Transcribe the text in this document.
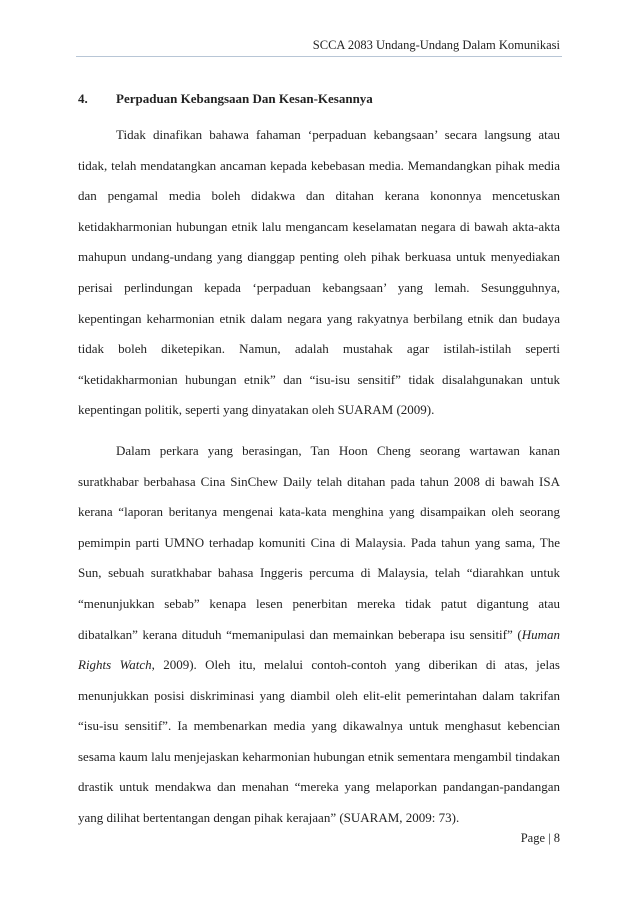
SCCA 2083 Undang-Undang Dalam Komunikasi
4. Perpaduan Kebangsaan Dan Kesan-Kesannya

Tidak dinafikan bahawa fahaman ‘perpaduan kebangsaan’ secara langsung atau tidak, telah mendatangkan ancaman kepada kebebasan media. Memandangkan pihak media dan pengamal media boleh didakwa dan ditahan kerana kononnya mencetuskan ketidakharmonian hubungan etnik lalu mengancam keselamatan negara di bawah akta-akta mahupun undang-undang yang dianggap penting oleh pihak berkuasa untuk menyediakan perisai perlindungan kepada ‘perpaduan kebangsaan’ yang lemah. Sesungguhnya, kepentingan keharmonian etnik dalam negara yang rakyatnya berbilang etnik dan budaya tidak boleh diketepikan. Namun, adalah mustahak agar istilah-istilah seperti “ketidakharmonian hubungan etnik” dan “isu-isu sensitif” tidak disalahgunakan untuk kepentingan politik, seperti yang dinyatakan oleh SUARAM (2009).

Dalam perkara yang berasingan, Tan Hoon Cheng seorang wartawan kanan suratkhabar berbahasa Cina SinChew Daily telah ditahan pada tahun 2008 di bawah ISA kerana “laporan beritanya mengenai kata-kata menghina yang disampaikan oleh seorang pemimpin parti UMNO terhadap komuniti Cina di Malaysia. Pada tahun yang sama, The Sun, sebuah suratkhabar bahasa Inggeris percuma di Malaysia, telah “diarahkan untuk “menunjukkan sebab” kenapa lesen penerbitan mereka tidak patut digantung atau dibatalkan” kerana dituduh “memanipulasi dan memainkan beberapa isu sensitif” (Human Rights Watch, 2009). Oleh itu, melalui contoh-contoh yang diberikan di atas, jelas menunjukkan posisi diskriminasi yang diambil oleh elit-elit pemerintahan dalam takrifan “isu-isu sensitif”. Ia membenarkan media yang dikawalnya untuk menghasut kebencian sesama kaum lalu menjejaskan keharmonian hubungan etnik sementara mengambil tindakan drastik untuk mendakwa dan menahan “mereka yang melaporkan pandangan-pandangan yang dilihat bertentangan dengan pihak kerajaan” (SUARAM, 2009: 73).

Page | 8
